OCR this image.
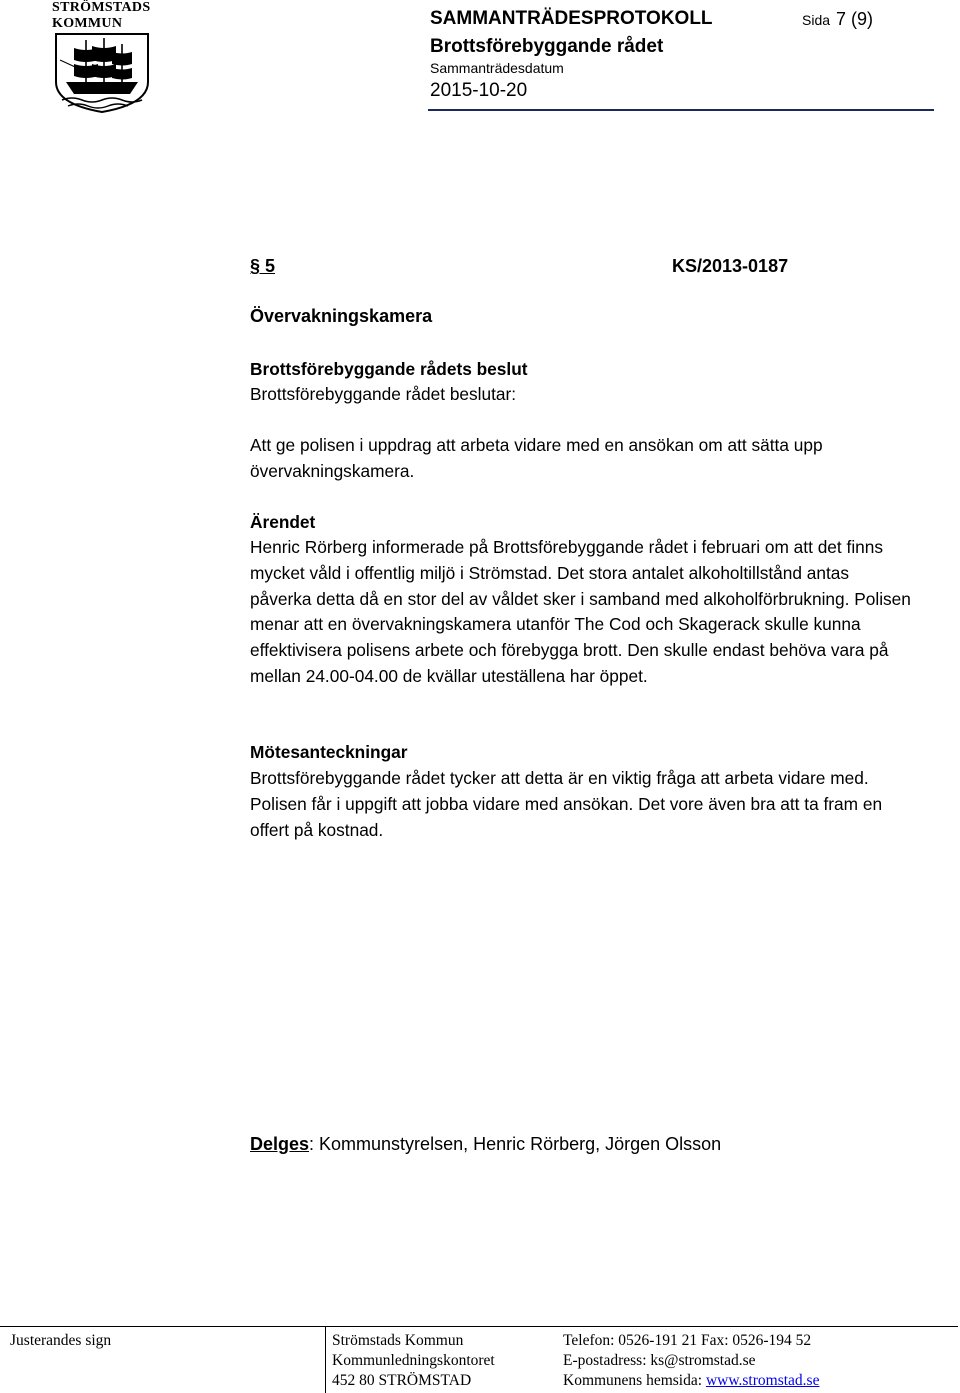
STRÖMSTADS
KOMMUN	SAMMANTRÄDESPROTOKOLL
Brottsförebyggande rådet
Sammanträdesdatum
2015-10-20
Sida 7 (9)
§ 5	KS/2013-0187
Övervakningskamera
Brottsförebyggande rådets beslut
Brottsförebyggande rådet beslutar:
Att ge polisen i uppdrag att arbeta vidare med en ansökan om att sätta upp övervakningskamera.
Ärendet
Henric Rörberg informerade på Brottsförebyggande rådet i februari om att det finns mycket våld i offentlig miljö i Strömstad. Det stora antalet alkoholtillstånd antas påverka detta då en stor del av våldet sker i samband med alkoholförbrukning. Polisen menar att en övervakningskamera utanför The Cod och Skagerack skulle kunna effektivisera polisens arbete och förebygga brott. Den skulle endast behöva vara på mellan 24.00-04.00 de kvällar uteställena har öppet.
Mötesanteckningar
Brottsförebyggande rådet tycker att detta är en viktig fråga att arbeta vidare med. Polisen får i uppgift att jobba vidare med ansökan. Det vore även bra att ta fram en offert på kostnad.
Delges: Kommunstyrelsen, Henric Rörberg, Jörgen Olsson
Justerandes sign	Strömstads Kommun
Kommunledningskontoret
452 80 STRÖMSTAD
Telefon: 0526-191 21 Fax: 0526-194 52
E-postadress: ks@stromstad.se
Kommunens hemsida: www.stromstad.se
